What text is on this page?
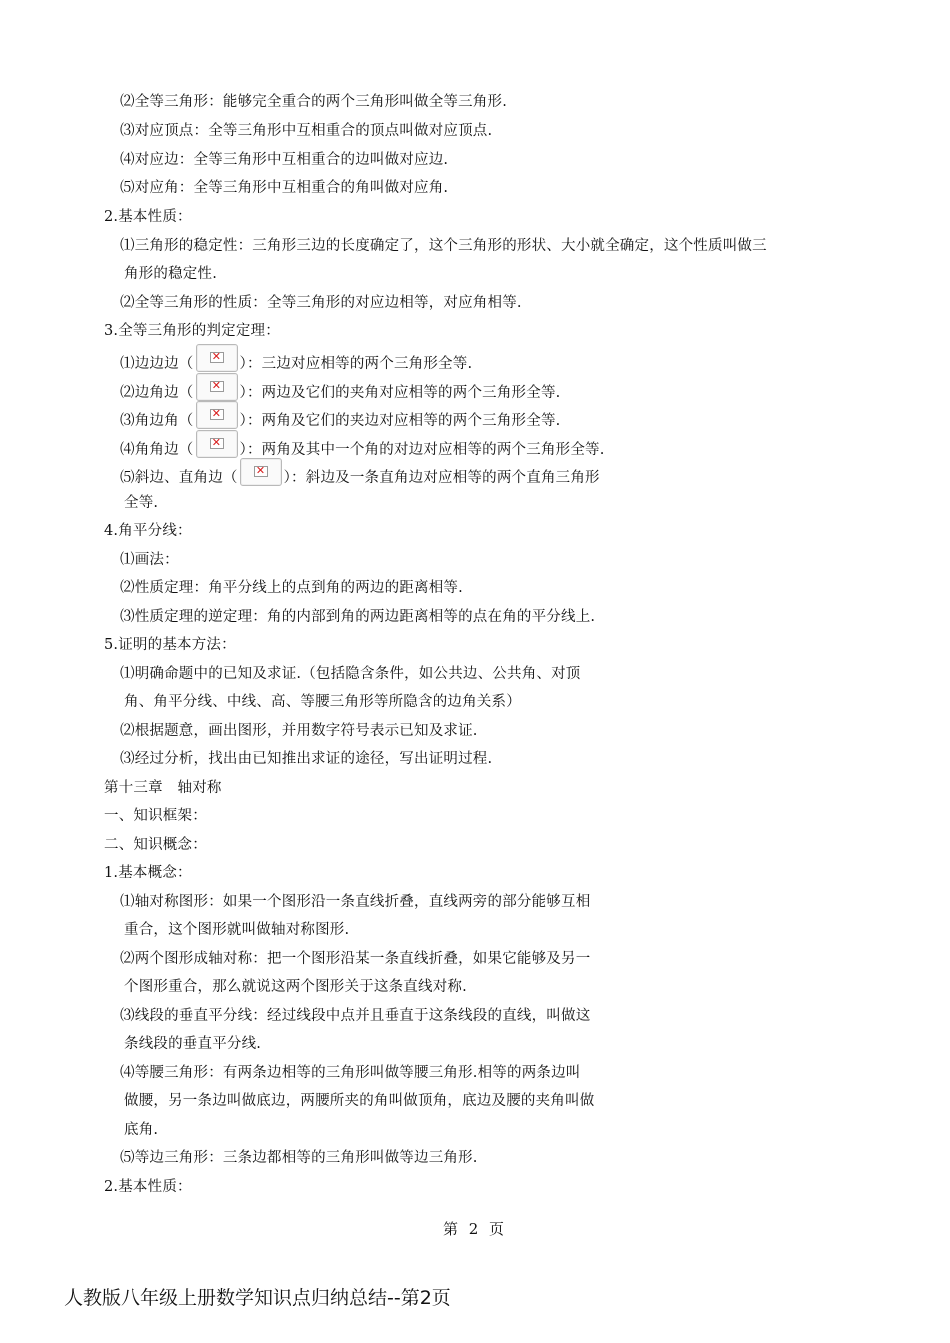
⑵全等三角形：能够完全重合的两个三角形叫做全等三角形.
⑶对应顶点：全等三角形中互相重合的顶点叫做对应顶点.
⑷对应边：全等三角形中互相重合的边叫做对应边.
⑸对应角：全等三角形中互相重合的角叫做对应角.
2.基本性质：
⑴三角形的稳定性：三角形三边的长度确定了，这个三角形的形状、大小就全确定，这个性质叫做三
角形的稳定性.
⑵全等三角形的性质：全等三角形的对应边相等，对应角相等.
3.全等三角形的判定定理：
⑴边边边（ ✕ ）：三边对应相等的两个三角形全等.
⑵边角边（ ✕ ）：两边及它们的夹角对应相等的两个三角形全等.
⑶角边角（ ✕ ）：两角及它们的夹边对应相等的两个三角形全等.
⑷角角边（ ✕ ）：两角及其中一个角的对边对应相等的两个三角形全等.
⑸斜边、直角边（ ✕ ）：斜边及一条直角边对应相等的两个直角三角形
全等.
4.角平分线：
⑴画法：
⑵性质定理：角平分线上的点到角的两边的距离相等.
⑶性质定理的逆定理：角的内部到角的两边距离相等的点在角的平分线上.
5.证明的基本方法：
⑴明确命题中的已知及求证.（包括隐含条件，如公共边、公共角、对顶
角、角平分线、中线、高、等腰三角形等所隐含的边角关系）
⑵根据题意，画出图形，并用数字符号表示已知及求证.
⑶经过分析，找出由已知推出求证的途径，写出证明过程.
第十三章　轴对称
一、知识框架：
二、知识概念：
1.基本概念：
⑴轴对称图形：如果一个图形沿一条直线折叠，直线两旁的部分能够互相
重合，这个图形就叫做轴对称图形.
⑵两个图形成轴对称：把一个图形沿某一条直线折叠，如果它能够及另一
个图形重合，那么就说这两个图形关于这条直线对称.
⑶线段的垂直平分线：经过线段中点并且垂直于这条线段的直线，叫做这
条线段的垂直平分线.
⑷等腰三角形：有两条边相等的三角形叫做等腰三角形.相等的两条边叫
做腰，另一条边叫做底边，两腰所夹的角叫做顶角，底边及腰的夹角叫做
底角.
⑸等边三角形：三条边都相等的三角形叫做等边三角形.
2.基本性质：
第 2 页
人教版八年级上册数学知识点归纳总结--第2页
